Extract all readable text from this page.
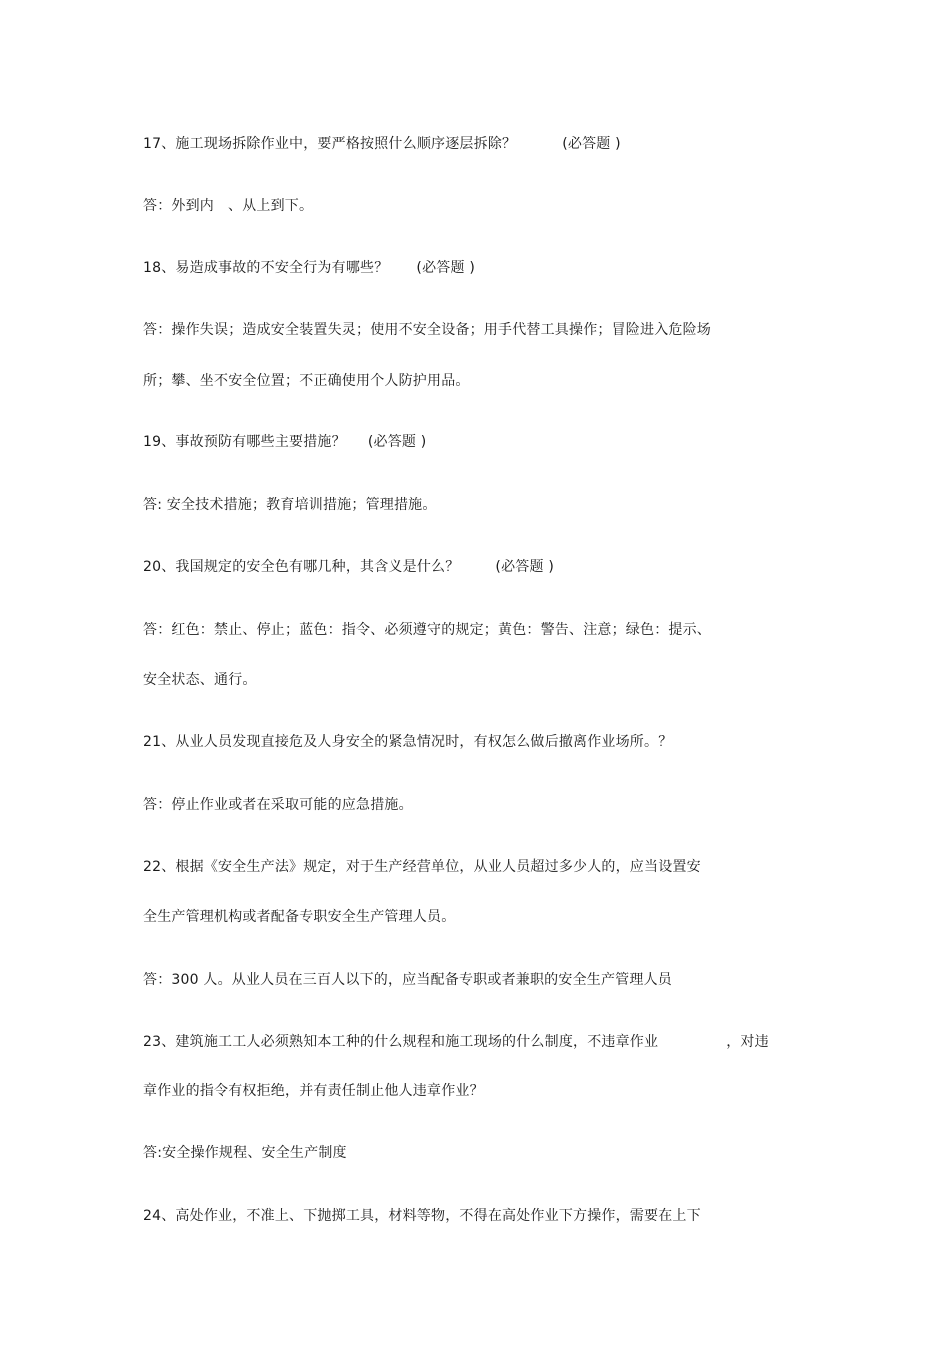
17、施工现场拆除作业中，要严格按照什么顺序逐层拆除？	(必答题 )
答：外到内 、从上到下。
18、易造成事故的不安全行为有哪些？ (必答题 )
答：操作失误；造成安全装置失灵；使用不安全设备；用手代替工具操作；冒险进入危险场
所；攀、坐不安全位置；不正确使用个人防护用品。
19、事故预防有哪些主要措施？ (必答题 )
答: 安全技术措施；教育培训措施；管理措施。
20、我国规定的安全色有哪几种，其含义是什么？	(必答题 )
答：红色：禁止、停止；蓝色：指令、必须遵守的规定；黄色：警告、注意；绿色：提示、
安全状态、通行。
21、从业人员发现直接危及人身安全的紧急情况时，有权怎么做后撤离作业场所。？
答：停止作业或者在采取可能的应急措施。
22、根据《安全生产法》规定，对于生产经营单位，从业人员超过多少人的，应当设置安
全生产管理机构或者配备专职安全生产管理人员。
答：300 人。从业人员在三百人以下的，应当配备专职或者兼职的安全生产管理人员
23、建筑施工工人必须熟知本工种的什么规程和施工现场的什么制度，不违章作业	，对违
章作业的指令有权拒绝，并有责任制止他人违章作业？
答:安全操作规程、安全生产制度
24、高处作业，不准上、下抛掷工具，材料等物，不得在高处作业下方操作，需要在上下
